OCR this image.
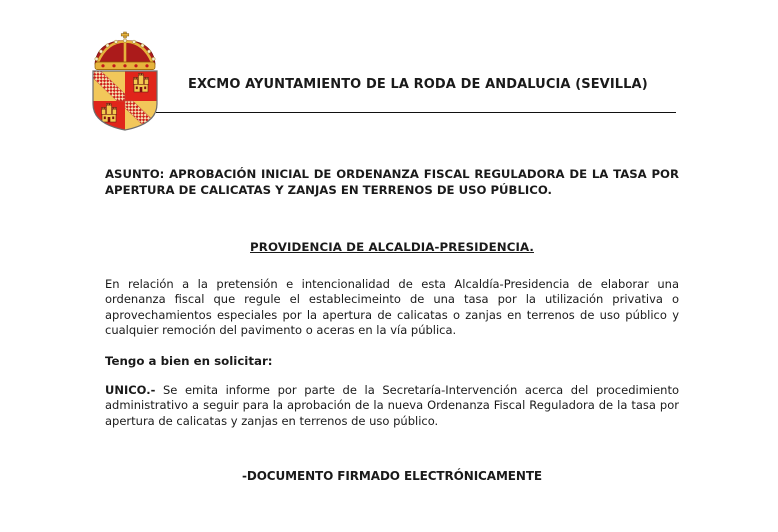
EXCMO AYUNTAMIENTO DE LA RODA DE ANDALUCIA (SEVILLA)

ASUNTO: APROBACIÓN INICIAL DE ORDENANZA FISCAL REGULADORA DE LA TASA POR APERTURA DE CALICATAS Y ZANJAS EN TERRENOS DE USO PÚBLICO.

PROVIDENCIA DE ALCALDIA-PRESIDENCIA.

En relación a la pretensión e intencionalidad de esta Alcaldía-Presidencia de elaborar una ordenanza fiscal que regule el establecimeinto de una tasa por la utilización privativa o aprovechamientos especiales por la apertura de calicatas o zanjas en terrenos de uso público y cualquier remoción del pavimento o aceras en la vía pública.

Tengo a bien en solicitar:

UNICO.- Se emita informe por parte de la Secretaría-Intervención acerca del procedimiento administrativo a seguir para la aprobación de la nueva Ordenanza Fiscal Reguladora de la tasa por apertura de calicatas y zanjas en terrenos de uso público.

-DOCUMENTO FIRMADO ELECTRÓNICAMENTE
